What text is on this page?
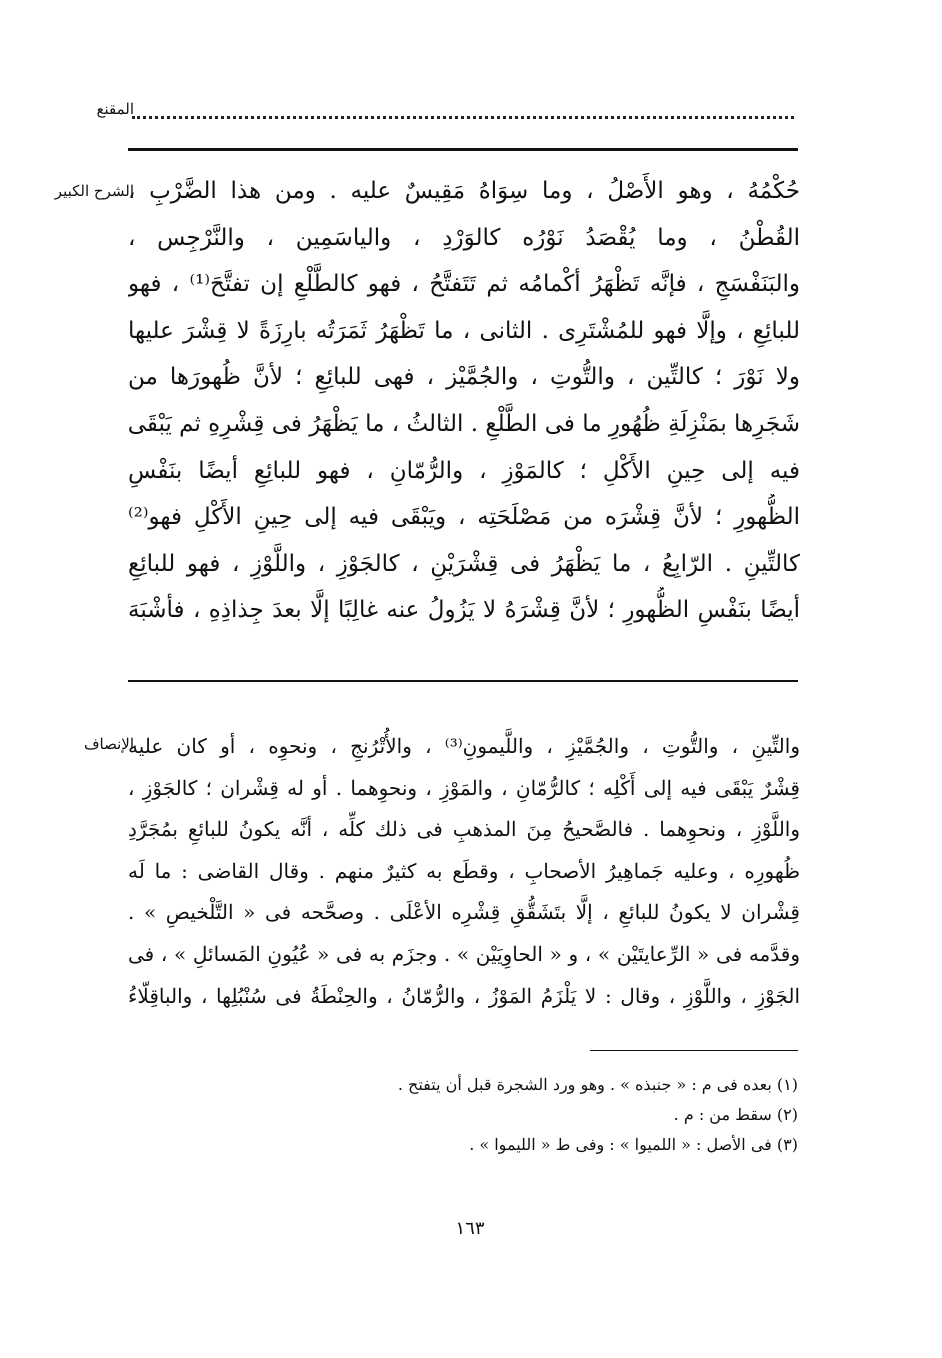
المقنع
الشرح الكبير

حُكْمُهُ ، وهو الأَصْلُ ، وما سِوَاهُ مَقِيسٌ عليه . ومن هذا الضَّرْبِ ،

القُطْنُ ، وما يُقْصَدُ نَوْرُه كالوَرْدِ ، والياسَمِين ، والنَّرْجِس ،

والبَنَفْسَجِ ، فإنَّه تَظْهَرُ أكْمامُه ثم تَتَفتَّحُ ، فهو كالطَّلْعِ إن تفتَّحَ⁽¹⁾ ، فهو

للبائِعِ ، وإلَّا فهو للمُشْتَرِى . الثانى ، ما تَظْهَرُ ثَمَرَتُه بارِزَةً لا قِشْرَ عليها

ولا نَوْرَ ؛ كالتِّين ، والتُّوتِ ، والجُمَّيْز ، فهى للبائِعِ ؛ لأنَّ ظُهورَها من

شَجَرِها بمَنْزِلَةِ ظُهُورِ ما فى الطَّلْعِ . الثالثُ ، ما يَظْهَرُ فى قِشْرِهِ ثم يَبْقَى

فيه إلى حِينِ الأَكْلِ ؛ كالمَوْزِ ، والرُّمّانِ ، فهو للبائِعِ أيضًا بنَفْسِ

الظُّهورِ ؛ لأنَّ قِشْرَه من مَصْلَحَتِه ، ويَبْقَى فيه إلى حِينِ الأَكْلِ فهو⁽²⁾

كالتِّينِ . الرّابِعُ ، ما يَظْهَرُ فى قِشْرَيْنِ ، كالجَوْزِ ، واللَّوْزِ ، فهو للبائِعِ

أيضًا بنَفْسِ الظُّهورِ ؛ لأنَّ قِشْرَهُ لا يَزُولُ عنه غالِبًا إلَّا بعدَ جِذاذِهِ ، فأشْبَهَ

الإنصاف

والتِّينِ ، والتُّوتِ ، والجُمَّيْزِ ، واللَّيمونِ⁽³⁾ ، والأُتْرُنجِ ، ونحوِه ، أو كان عليه

قِشْرٌ يَبْقَى فيه إلى أَكْلِه ؛ كالرُّمّانِ ، والمَوْزِ ، ونحوِهما . أو له قِشْران ؛ كالجَوْزِ ،

واللَّوْزِ ، ونحوِهما . فالصَّحيحُ مِنَ المذهبِ فى ذلك كلِّه ، أنَّه يكونُ للبائعِ بمُجَرَّدِ

ظُهورِه ، وعليه جَماهِيرُ الأصحابِ ، وقطَع به كثيرٌ منهم . وقال القاضى : ما لَه

قِشْران لا يكونُ للبائعِ ، إلَّا بتَشَقُّقِ قِشْرِه الأعْلَى . وصحَّحه فى « التَّلْخيصِ » .

وقدَّمه فى « الرِّعايتَيْن » ، و « الحاوِيَيْن » . وجزَم به فى « عُيُونِ المَسائلِ » ، فى

الجَوْزِ ، واللَّوْزِ ، وقال : لا يَلْزَمُ المَوْزُ ، والرُّمّانُ ، والحِنْطَةُ فى سُنْبُلِها ، والباقِلّاءُ

(١) بعده فى م : « جنبذه » . وهو ورد الشجرة قبل أن يتفتح .

(٢) سقط من : م .

(٣) فى الأصل : « اللميوا » : وفى ط « الليموا » .

١٦٣
